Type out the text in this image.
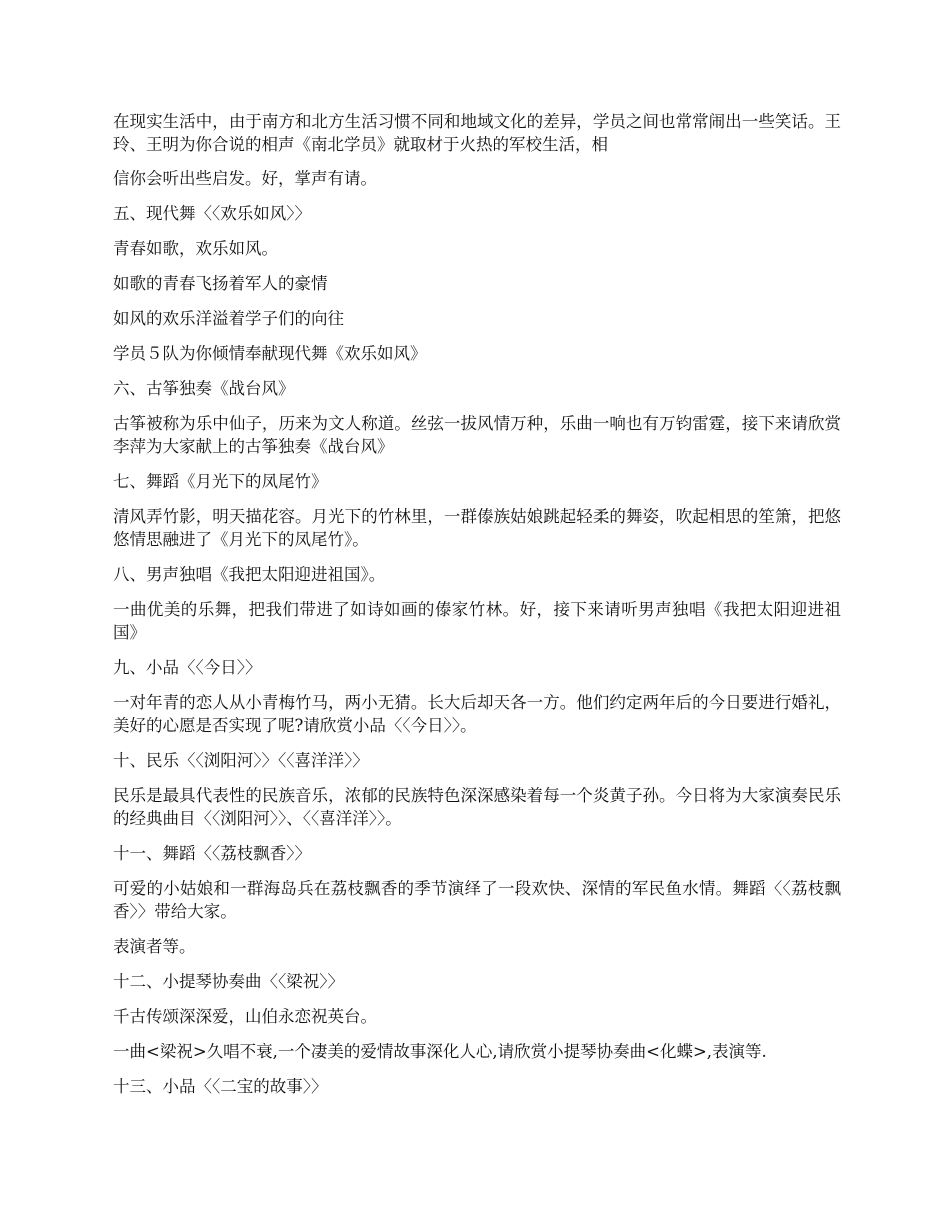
在现实生活中，由于南方和北方生活习惯不同和地域文化的差异，学员之间也常常闹出一些笑话。王玲、王明为你合说的相声《南北学员》就取材于火热的军校生活，相

信你会听出些启发。好，掌声有请。

五、现代舞〈〈欢乐如风〉〉

青春如歌，欢乐如风。

如歌的青春飞扬着军人的豪情

如风的欢乐洋溢着学子们的向往

学员５队为你倾情奉献现代舞《欢乐如风》

六、古筝独奏《战台风》

古筝被称为乐中仙子，历来为文人称道。丝弦一拔风情万种，乐曲一响也有万钧雷霆，接下来请欣赏李萍为大家献上的古筝独奏《战台风》

七、舞蹈《月光下的凤尾竹》

清风弄竹影，明天描花容。月光下的竹林里，一群傣族姑娘跳起轻柔的舞姿，吹起相思的笙箫，把悠悠情思融进了《月光下的凤尾竹》。

八、男声独唱《我把太阳迎进祖国》。

一曲优美的乐舞，把我们带进了如诗如画的傣家竹林。好，接下来请听男声独唱《我把太阳迎进祖国》

九、小品〈〈今日〉〉

一对年青的恋人从小青梅竹马，两小无猜。长大后却天各一方。他们约定两年后的今日要进行婚礼，美好的心愿是否实现了呢?请欣赏小品〈〈今日〉〉。

十、民乐〈〈浏阳河〉〉〈〈喜洋洋〉〉

民乐是最具代表性的民族音乐，浓郁的民族特色深深感染着每一个炎黄子孙。今日将为大家演奏民乐的经典曲目〈〈浏阳河〉〉、〈〈喜洋洋〉〉。

十一、舞蹈〈〈荔枝飘香〉〉

可爱的小姑娘和一群海岛兵在荔枝飘香的季节演绎了一段欢快、深情的军民鱼水情。舞蹈〈〈荔枝飘香〉〉带给大家。

表演者等。

十二、小提琴协奏曲〈〈梁祝〉〉

千古传颂深深爱，山伯永恋祝英台。

一曲<梁祝>久唱不衰,一个凄美的爱情故事深化人心,请欣赏小提琴协奏曲<化蝶>,表演等.

十三、小品〈〈二宝的故事〉〉
